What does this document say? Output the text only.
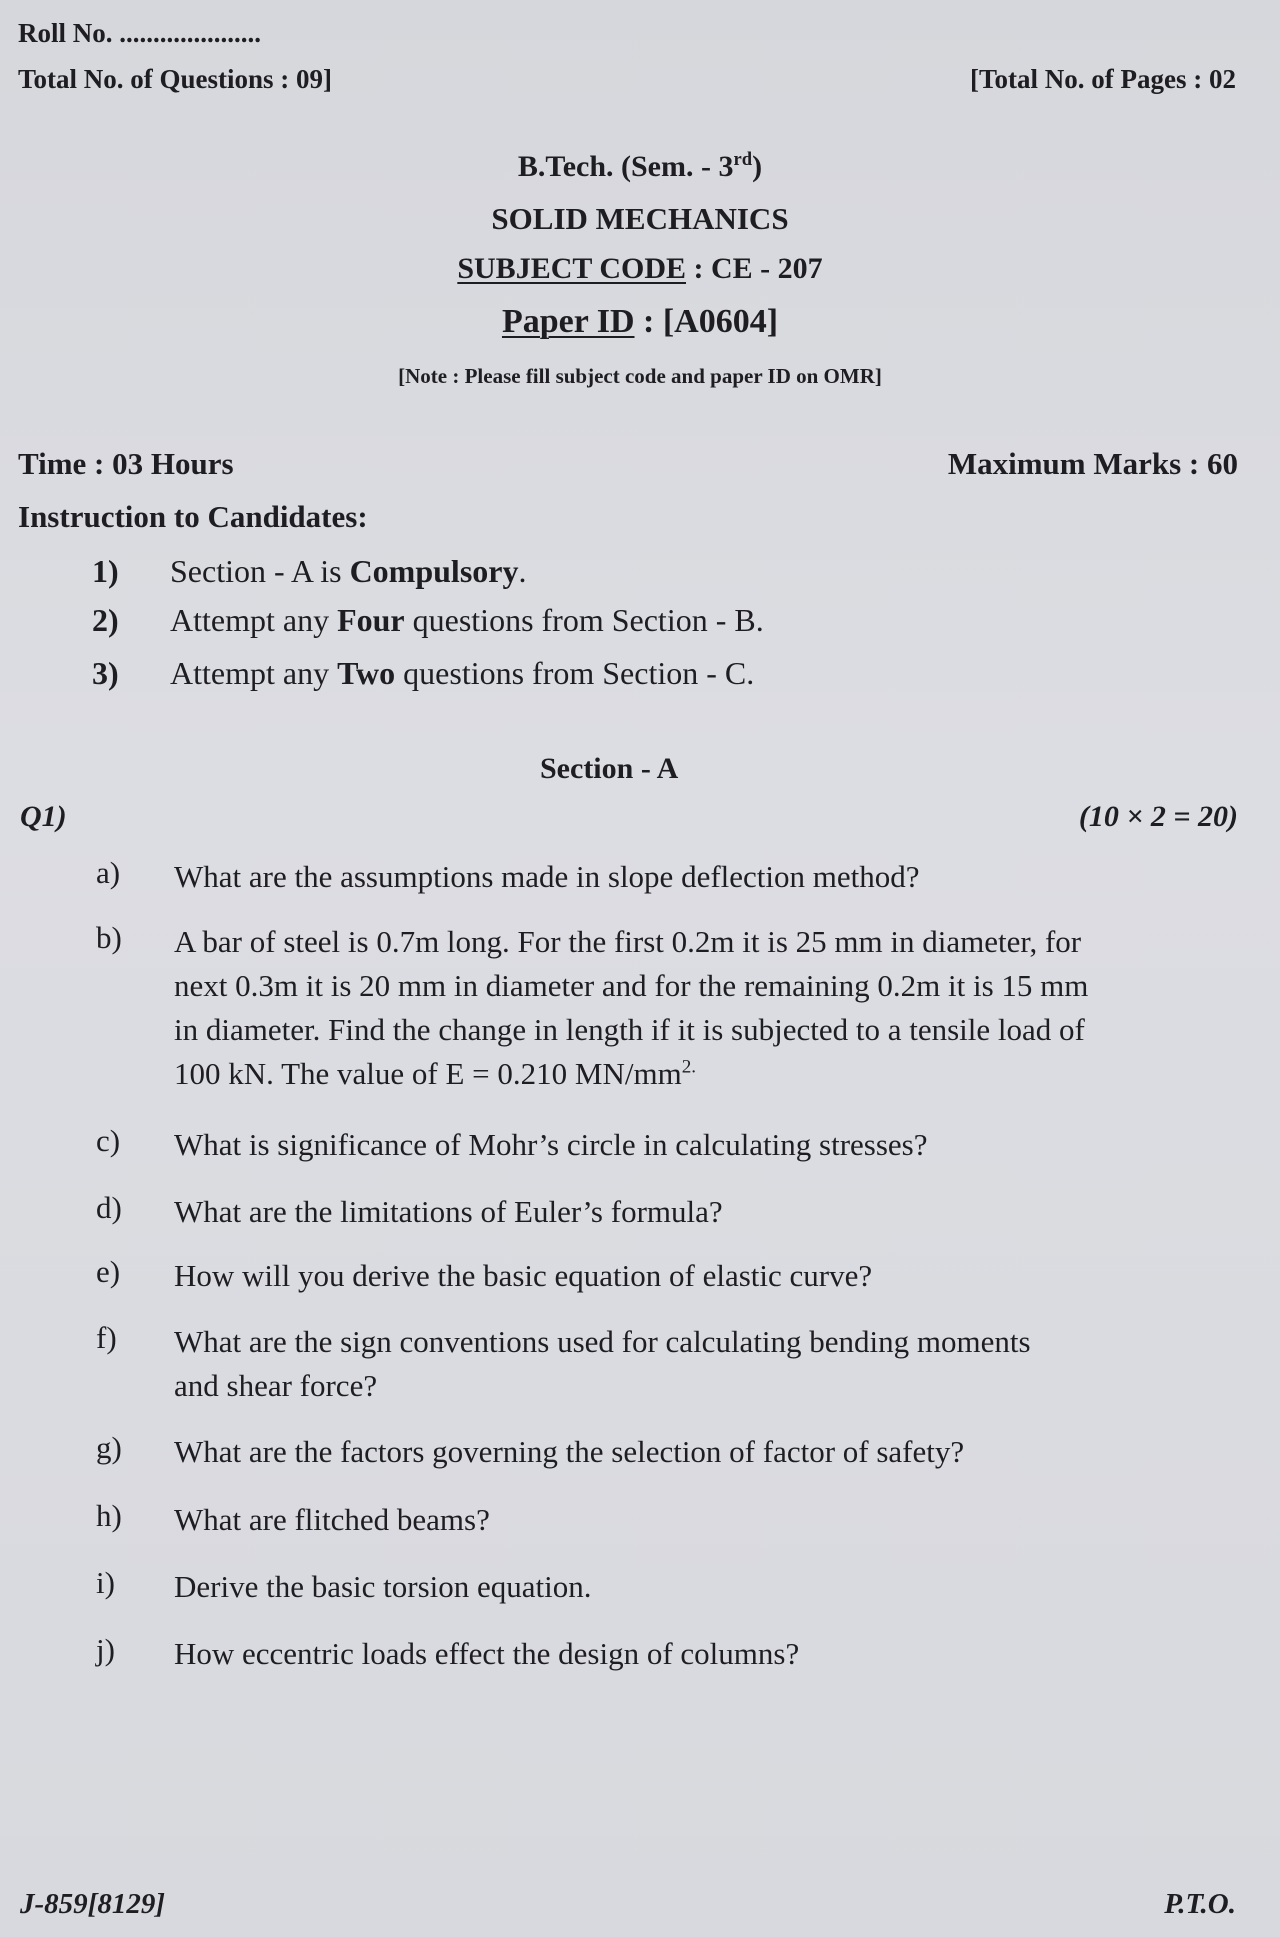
Roll No. .....................
Total No. of Questions : 09]	[Total No. of Pages : 02
B.Tech. (Sem. - 3rd)
SOLID MECHANICS
SUBJECT CODE : CE - 207
Paper ID : [A0604]
[Note : Please fill subject code and paper ID on OMR]
Time : 03 Hours	Maximum Marks : 60
Instruction to Candidates:
1) Section - A is Compulsory.
2) Attempt any Four questions from Section - B.
3) Attempt any Two questions from Section - C.
Section - A
Q1)	(10 × 2 = 20)
a) What are the assumptions made in slope deflection method?
b) A bar of steel is 0.7m long. For the first 0.2m it is 25 mm in diameter, for
next 0.3m it is 20 mm in diameter and for the remaining 0.2m it is 15 mm
in diameter. Find the change in length if it is subjected to a tensile load of
100 kN. The value of E = 0.210 $MN/mm^{2.}$
c) What is significance of Mohr’s circle in calculating stresses?
d) What are the limitations of Euler’s formula?
e) How will you derive the basic equation of elastic curve?
f) What are the sign conventions used for calculating bending moments
and shear force?
g) What are the factors governing the selection of factor of safety?
h) What are flitched beams?
i) Derive the basic torsion equation.
j) How eccentric loads effect the design of columns?
J-859[8129]	P.T.O.
